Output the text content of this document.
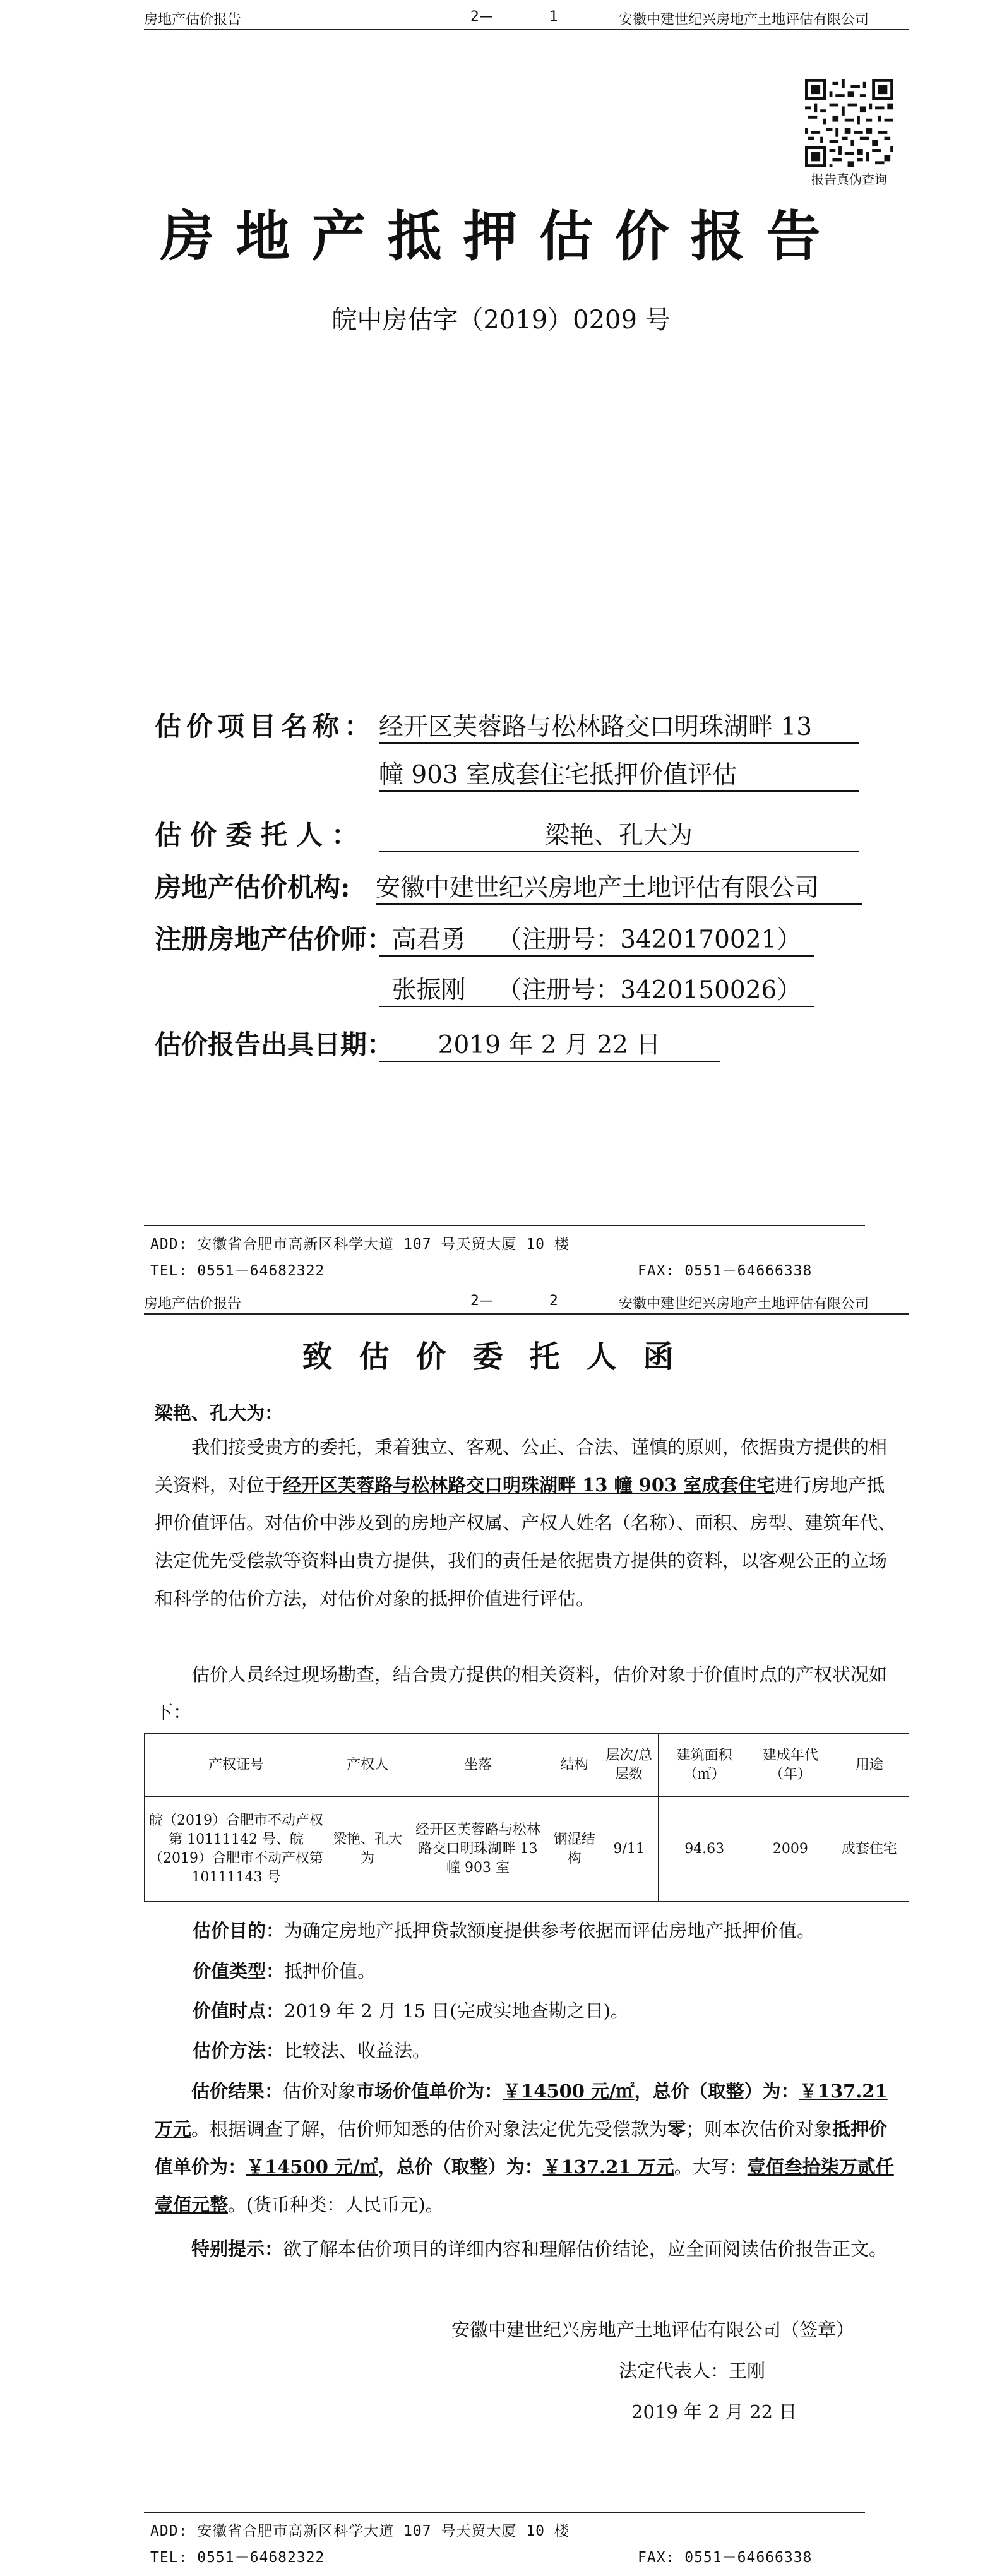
房地产估价报告	2—	1	安徽中建世纪兴房地产土地评估有限公司
报告真伪查询
房地产抵押估价报告
皖中房估字（2019）0209 号
估价项目名称： 经开区芙蓉路与松林路交口明珠湖畔 13
幢 903 室成套住宅抵押价值评估
估价委托人：	梁艳、孔大为
房地产估价机构: 安徽中建世纪兴房地产土地评估有限公司
注册房地产估价师：
高君勇    （注册号：3420170021）
张振刚    （注册号：3420150026）
估价报告出具日期：	2019 年 2 月 22 日
ADD: 安徽省合肥市高新区科学大道 107 号天贸大厦 10 楼
TEL: 0551－64682322	FAX: 0551－64666338
房地产估价报告	2—	2	安徽中建世纪兴房地产土地评估有限公司
致估价委托人函
梁艳、孔大为：
我们接受贵方的委托，秉着独立、客观、公正、合法、谨慎的原则，依据贵方提供的相关资料，对位于经开区芙蓉路与松林路交口明珠湖畔 13 幢 903 室成套住宅进行房地产抵押价值评估。对估价中涉及到的房地产权属、产权人姓名（名称）、面积、房型、建筑年代、法定优先受偿款等资料由贵方提供，我们的责任是依据贵方提供的资料，以客观公正的立场和科学的估价方法，对估价对象的抵押价值进行评估。
估价人员经过现场勘查，结合贵方提供的相关资料，估价对象于价值时点的产权状况如下：
产权证号	产权人	坐落	结构	层次/总层数	建筑面积（㎡）	建成年代（年）	用途
皖（2019）合肥市不动产权第 10111142 号、皖（2019）合肥市不动产权第 10111143 号	梁艳、孔大为	经开区芙蓉路与松林路交口明珠湖畔 13 幢 903 室	钢混结构	9/11	94.63	2009	成套住宅
估价目的：为确定房地产抵押贷款额度提供参考依据而评估房地产抵押价值。
价值类型：抵押价值。
价值时点：2019 年 2 月 15 日(完成实地查勘之日)。
估价方法：比较法、收益法。
估价结果：估价对象市场价值单价为：￥14500 元/㎡，总价（取整）为：￥137.21 万元。根据调查了解，估价师知悉的估价对象法定优先受偿款为零；则本次估价对象抵押价值单价为：￥14500 元/㎡，总价（取整）为：￥137.21 万元。大写：壹佰叁拾柒万贰仟壹佰元整。(货币种类：人民币元)。
特别提示：欲了解本估价项目的详细内容和理解估价结论，应全面阅读估价报告正文。
安徽中建世纪兴房地产土地评估有限公司（签章）
法定代表人：王刚
2019 年 2 月 22 日
ADD: 安徽省合肥市高新区科学大道 107 号天贸大厦 10 楼
TEL: 0551－64682322	FAX: 0551－64666338
